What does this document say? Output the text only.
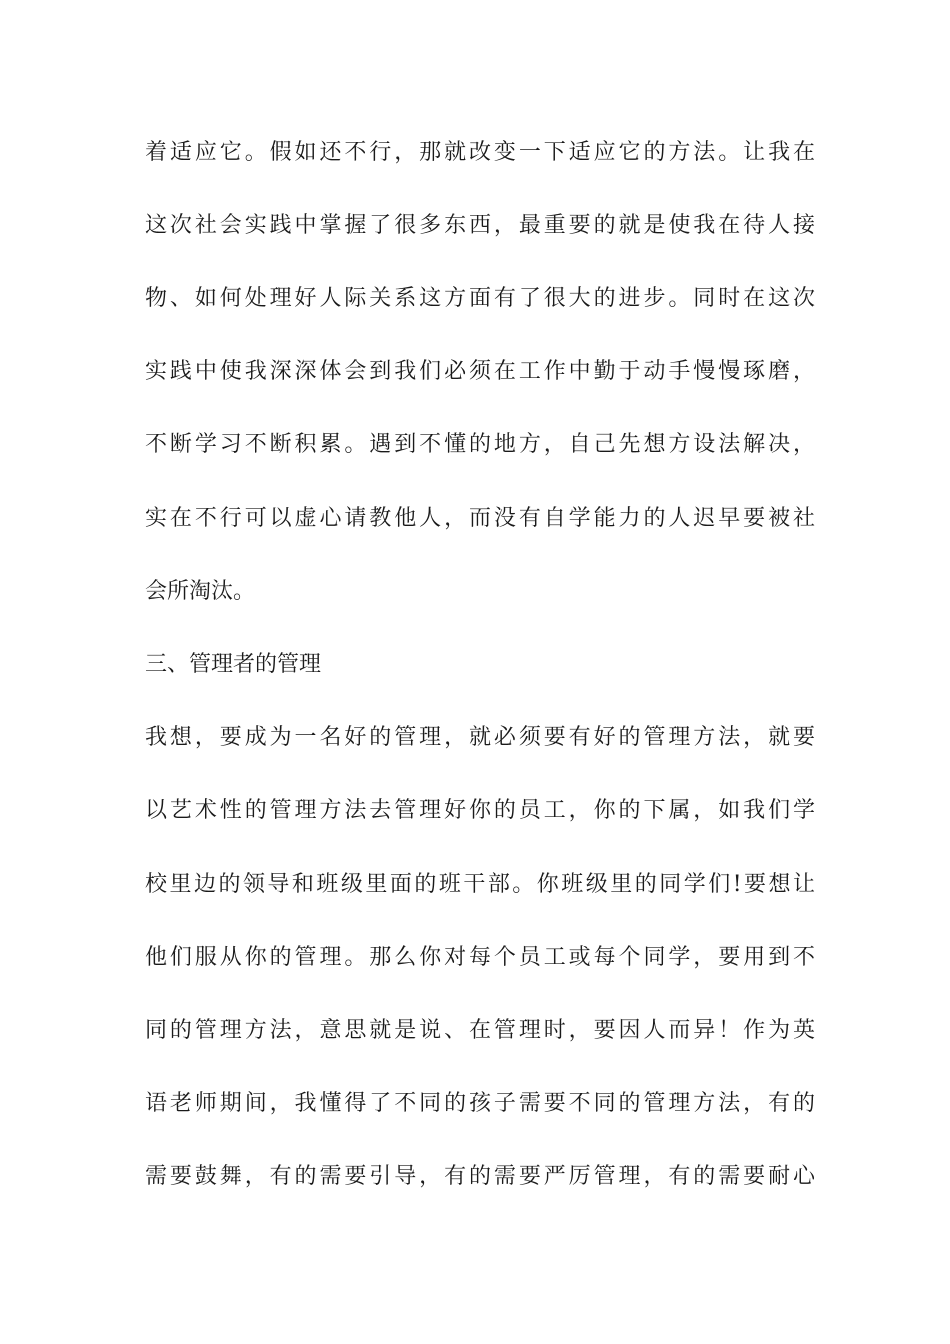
着适应它。假如还不行，那就改变一下适应它的方法。让我在
这次社会实践中掌握了很多东西，最重要的就是使我在待人接
物、如何处理好人际关系这方面有了很大的进步。同时在这次
实践中使我深深体会到我们必须在工作中勤于动手慢慢琢磨，
不断学习不断积累。遇到不懂的地方，自己先想方设法解决，
实在不行可以虚心请教他人，而没有自学能力的人迟早要被社
会所淘汰。
三、管理者的管理
我想，要成为一名好的管理，就必须要有好的管理方法，就要
以艺术性的管理方法去管理好你的员工，你的下属，如我们学
校里边的领导和班级里面的班干部。你班级里的同学们!要想让
他们服从你的管理。那么你对每个员工或每个同学，要用到不
同的管理方法，意思就是说、在管理时，要因人而异！作为英
语老师期间，我懂得了不同的孩子需要不同的管理方法，有的
需要鼓舞，有的需要引导，有的需要严厉管理，有的需要耐心
